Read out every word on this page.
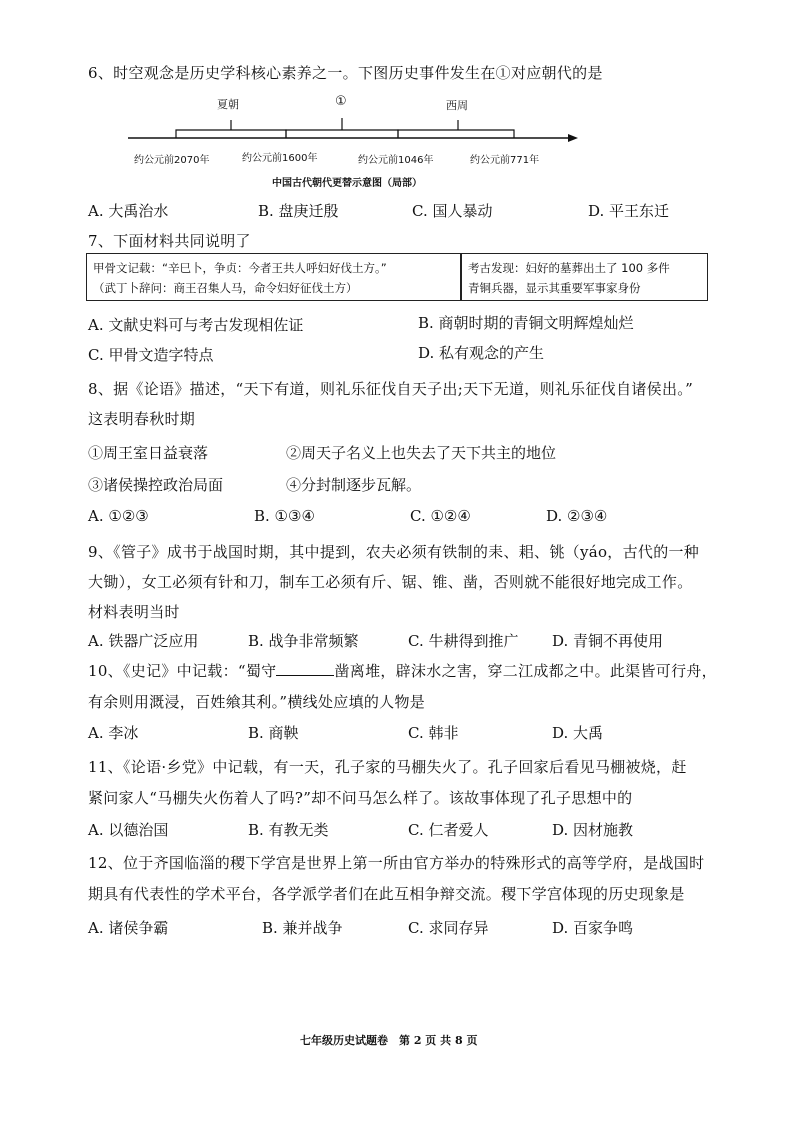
6、时空观念是历史学科核心素养之一。下图历史事件发生在①对应朝代的是
夏朝	①	西周
约公元前2070年	约公元前1600年	约公元前1046年	约公元前771年
中国古代朝代更替示意图（局部）
A. 大禹治水	B. 盘庚迁殷	C. 国人暴动	D. 平王东迁
7、下面材料共同说明了
甲骨文记载：“辛巳卜，争贞：今者王共人呼妇好伐土方。”
（武丁卜辞问：商王召集人马，命令妇好征伐土方）
考古发现：妇好的墓葬出土了 100 多件
青铜兵器，显示其重要军事家身份
A. 文献史料可与考古发现相佐证	B. 商朝时期的青铜文明辉煌灿烂
C. 甲骨文造字特点	D. 私有观念的产生
8、据《论语》描述，“天下有道，则礼乐征伐自天子出;天下无道，则礼乐征伐自诸侯出。”
这表明春秋时期
①周王室日益衰落	②周天子名义上也失去了天下共主的地位
③诸侯操控政治局面	④分封制逐步瓦解。
A. ①②③	B. ①③④	C. ①②④	D. ②③④
9、《管子》成书于战国时期，其中提到，农夫必须有铁制的耒、耜、铫（yáo，古代的一种
大锄），女工必须有针和刀，制车工必须有斤、锯、锥、凿，否则就不能很好地完成工作。
材料表明当时
A. 铁器广泛应用	B. 战争非常频繁	C. 牛耕得到推广 D. 青铜不再使用
10、《史记》中记载：“蜀守	凿离堆，辟沫水之害，穿二江成都之中。此渠皆可行舟，
有余则用溉浸，百姓飨其利。”横线处应填的人物是
A. 李冰	B. 商鞅	C. 韩非	D. 大禹
11、《论语·乡党》中记载，有一天，孔子家的马棚失火了。孔子回家后看见马棚被烧，赶
紧问家人“马棚失火伤着人了吗?”却不问马怎么样了。该故事体现了孔子思想中的
A. 以德治国	B. 有教无类	C. 仁者爱人	D. 因材施教
12、位于齐国临淄的稷下学宫是世界上第一所由官方举办的特殊形式的高等学府，是战国时
期具有代表性的学术平台，各学派学者们在此互相争辩交流。稷下学宫体现的历史现象是
A. 诸侯争霸	B. 兼并战争	C. 求同存异	D. 百家争鸣
七年级历史试题卷　第 2 页 共 8 页
